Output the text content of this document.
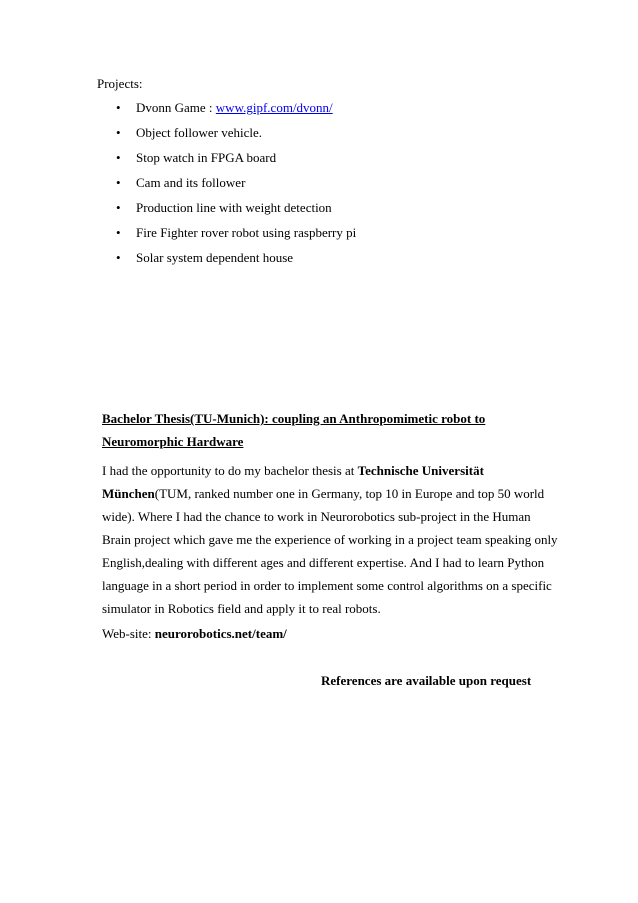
Projects:
• Dvonn Game : www.gipf.com/dvonn/
• Object follower vehicle.
• Stop watch in FPGA board
• Cam and its follower
• Production line with weight detection
• Fire Fighter rover robot using raspberry pi
• Solar system dependent house

Bachelor Thesis(TU-Munich): coupling an Anthropomimetic robot to Neuromorphic Hardware

I had the opportunity to do my bachelor thesis at Technische Universität München(TUM, ranked number one in Germany, top 10 in Europe and top 50 world wide). Where I had the chance to work in Neurorobotics sub-project in the Human Brain project which gave me the experience of working in a project team speaking only English,dealing with different ages and different expertise. And I had to learn Python language in a short period in order to implement some control algorithms on a specific simulator in Robotics field and apply it to real robots.

Web-site: neurorobotics.net/team/
References are available upon request
